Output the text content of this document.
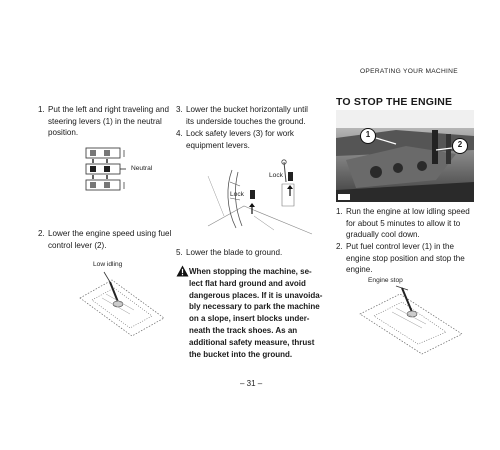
OPERATING YOUR MACHINE
1. Put the left and right traveling and
steering levers (1) in the neutral
position.
Neutral
2. Lower the engine speed using fuel
control lever (2).
Low idling
3. Lower the bucket horizontally until
its underside touches the ground.
4. Lock safety levers (3) for work
equipment levers.
Lock
Lock
5. Lower the blade to ground.
When stopping the machine, se-
lect flat hard ground and avoid
dangerous places. If it is unavoida-
bly necessary to park the machine
on a slope, insert blocks under-
neath the track shoes. As an
additional safety measure, thrust
the bucket into the ground.
TO STOP THE ENGINE
1
2
1. Run the engine at low idling speed
for about 5 minutes to allow it to
gradually cool down.
2. Put fuel control lever (1) in the
engine stop position and stop the
engine.
Engine stop
– 31 –
